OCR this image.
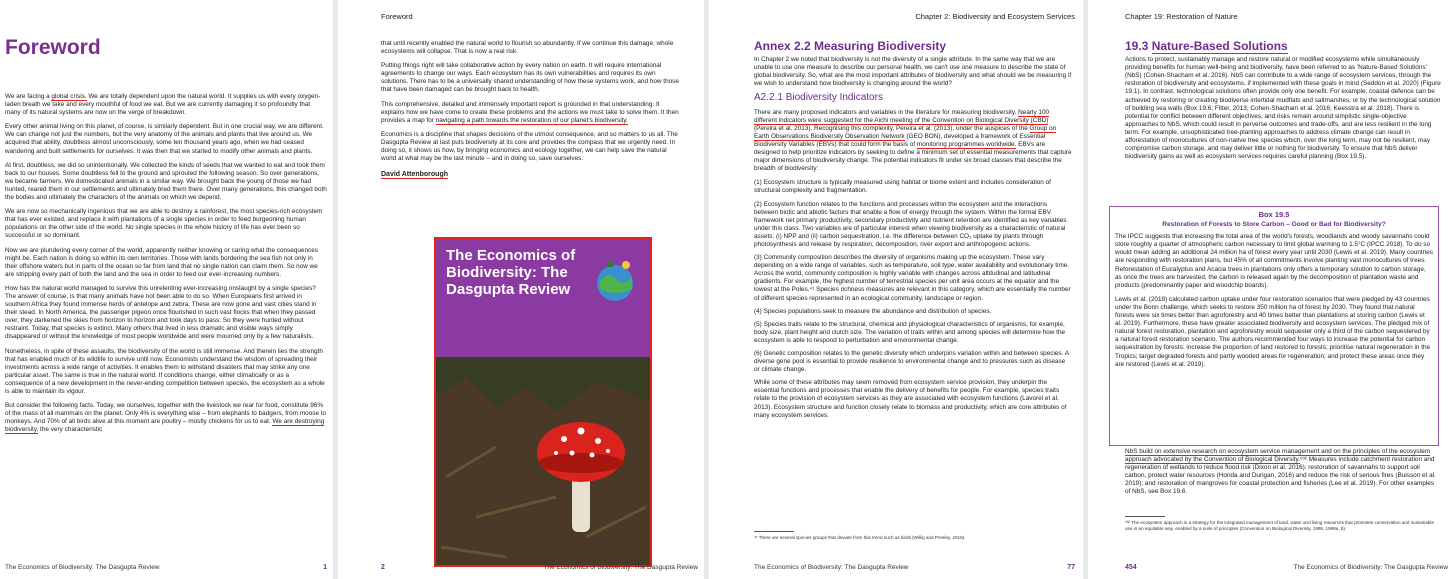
Foreword

We are facing a global crisis. We are totally dependent upon the natural world. It supplies us with every oxygen-laden breath we take and every mouthful of food we eat. But we are currently damaging it so profoundly that many of its natural systems are now on the verge of breakdown.

Every other animal living on this planet, of course, is similarly dependent. But in one crucial way, we are different. We can change not just the numbers, but the very anatomy of the animals and plants that live around us. We acquired that ability, doubtless almost unconsciously, some ten thousand years ago, when we had ceased wandering and built settlements for ourselves. It was then that we started to modify other animals and plants.

At first, doubtless, we did so unintentionally. We collected the kinds of seeds that we wanted to eat and took them back to our houses. Some doubtless fell to the ground and sprouted the following season. So over generations, we became farmers. We domesticated animals in a similar way. We brought back the young of those we had hunted, reared them in our settlements and ultimately bred them there. Over many generations, this changed both the bodies and ultimately the characters of the animals on which we depend.

We are now so mechanically ingenious that we are able to destroy a rainforest, the most species-rich ecosystem that has ever existed, and replace it with plantations of a single species in order to feed burgeoning human populations on the other side of the world. No single species in the whole history of life has ever been so successful or so dominant.

Now we are plundering every corner of the world, apparently neither knowing or caring what the consequences might be. Each nation is doing so within its own territories. Those with lands bordering the sea fish not only in their offshore waters but in parts of the ocean so far from land that no single nation can claim them. So now we are stripping every part of both the land and the sea in order to feed our ever-increasing numbers.

How has the natural world managed to survive this unrelenting ever-increasing onslaught by a single species? The answer of course, is that many animals have not been able to do so. When Europeans first arrived in southern Africa they found immense herds of antelope and zebra. These are now gone and vast cities stand in their stead. In North America, the passenger pigeon once flourished in such vast flocks that when they passed over, they darkened the skies from horizon to horizon and took days to pass. So they were hunted without restraint. Today, that species is extinct. Many others that lived in less dramatic and visible ways simply disappeared or without the knowledge of most people worldwide and were mourned only by a few naturalists.

Nonetheless, in spite of these assaults, the biodiversity of the world is still immense. And therein lies the strength that has enabled much of its wildlife to survive until now. Economists understand the wisdom of spreading their investments across a wide range of activities. It enables them to withstand disasters that may strike any one particular asset. The same is true in the natural world. If conditions change, either climatically or as a consequence of a new development in the never-ending competition between species, the ecosystem as a whole is able to maintain its vigour.

But consider the following facts. Today, we ourselves, together with the livestock we rear for food, constitute 96% of the mass of all mammals on the planet. Only 4% is everything else – from elephants to badgers, from moose to monkeys. And 70% of all birds alive at this moment are poultry – mostly chickens for us to eat. We are destroying biodiversity, the very characteristic

The Economics of Biodiversity: The Dasgupta Review	1
Foreword

that until recently enabled the natural world to flourish so abundantly. If we continue this damage, whole ecosystems will collapse. That is now a real risk.

Putting things right will take collaborative action by every nation on earth. It will require international agreements to change our ways. Each ecosystem has its own vulnerabilities and requires its own solutions. There has to be a universally shared understanding of how these systems work, and how those that have been damaged can be brought back to health.

This comprehensive, detailed and immensely important report is grounded in that understanding. It explains how we have come to create these problems and the actions we must take to solve them. It then provides a map for navigating a path towards the restoration of our planet's biodiversity.

Economics is a discipline that shapes decisions of the utmost consequence, and so matters to us all. The Dasgupta Review at last puts biodiversity at its core and provides the compass that we urgently need. In doing so, it shows us how, by bringing economics and ecology together, we can help save the natural world at what may be the last minute – and in doing so, save ourselves.

David Attenborough

The Economics of Biodiversity: The Dasgupta Review
2	The Economics of Biodiversity: The Dasgupta Review
Chapter 2: Biodiversity and Ecosystem Services

Annex 2.2 Measuring Biodiversity

In Chapter 2 we noted that biodiversity is not the diversity of a single attribute. In the same way that we are unable to use one measure to describe our personal health, we can't use one measure to describe the state of global biodiversity. So, what are the most important attributes of biodiversity and what should we be measuring if we wish to understand how biodiversity is changing around the world?

A2.2.1 Biodiversity Indicators

There are many proposed indicators and variables in the literature for measuring biodiversity. Nearly 100 different indicators were suggested for the Aichi meeting of the Convention on Biological Diversity (CBD) (Pereira et al. 2013). Recognising this complexity, Pereira et al. (2013), under the auspices of the Group on Earth Observations Biodiversity Observation Network (GEO BON), developed a framework of Essential Biodiversity Variables (EBVs) that could form the basis of monitoring programmes worldwide. EBVs are designed to help prioritize indicators by seeking to define a minimum set of essential measurements that capture major dimensions of biodiversity change. The potential indicators fit under six broad classes that describe the breadth of biodiversity:

(1) Ecosystem structure is typically measured using habitat or biome extent and includes consideration of structural complexity and fragmentation.

(2) Ecosystem function relates to the functions and processes within the ecosystem and the interactions between biotic and abiotic factors that enable a flow of energy through the system. Within the formal EBV framework net primary productivity, secondary productivity and nutrient retention are identified as key variables under this class. Two variables are of particular interest when viewing biodiversity as a characteristic of natural assets: (i) NPP and (ii) carbon sequestration, i.e. the difference between CO₂ uptake by plants through photosynthesis and release by respiration, decomposition, river export and anthropogenic actions.

(3) Community composition describes the diversity of organisms making up the ecosystem. These vary depending on a wide range of variables, such as temperature, soil type, water availability and evolutionary time. Across the world, community composition is highly variable with changes across altitudinal and latitudinal gradients. For example, the highest number of terrestrial species per unit area occurs at the equator and the lowest at the Poles.⁴¹ Species richness measures are relevant in this category, which are essentially the number of different species represented in an ecological community, landscape or region.

(4) Species populations seek to measure the abundance and distribution of species.

(5) Species traits relate to the structural, chemical and physiological characteristics of organisms, for example, body size, plant height and clutch size. The variation of traits within and among species will determine how the ecosystem is able to respond to perturbation and environmental change.

(6) Genetic composition relates to the genetic diversity which underpins variation within and between species. A diverse gene pool is essential to provide resilience to environmental change and to pressures such as disease or climate change.

While some of these attributes may seem removed from ecosystem service provision, they underpin the essential functions and processes that enable the delivery of benefits for people. For example, species traits relate to the provision of ecosystem services as they are associated with ecosystem functions (Lavorel et al. 2013). Ecosystem structure and function closely relate to biomass and productivity, which are core attributes of many ecosystem services.

⁴¹ There are several species groups that deviate from this trend such as birds (Willig and Presley, 2018).
The Economics of Biodiversity: The Dasgupta Review	77
Chapter 19: Restoration of Nature

19.3 Nature-Based Solutions

Actions to protect, sustainably manage and restore natural or modified ecosystems while simultaneously providing benefits for human well-being and biodiversity, have been referred to as 'Nature-Based Solutions' (NbS) (Cohen-Shacham et al. 2016). NbS can contribute to a wide range of ecosystem services, through the restoration of biodiversity and ecosystems, if implemented with these goals in mind (Seddon et al. 2020) (Figure 19.1). In contrast, technological solutions often provide only one benefit. For example, coastal defence can be achieved by restoring or creating biodiverse intertidal mudflats and saltmarshes, or by the technological solution of building sea walls (Box 19.6; Fitter, 2013; Cohen-Shacham et al. 2016; Keesstra et al. 2018). There is potential for conflict between different objectives, and risks remain around simplistic single-objective approaches to NbS, which could result in perverse outcomes and trade-offs, and are less resilient in the long term. For example, unsophisticated tree-planting approaches to address climate change can result in afforestation of monocultures of non-native tree species which, over the long term, may not be resilient, may compromise carbon storage, and may deliver little or nothing for biodiversity. To ensure that NbS deliver biodiversity gains as well as ecosystem services requires careful planning (Box 19.5).

Box 19.5

Restoration of Forests to Store Carbon – Good or Bad for Biodiversity?

The IPCC suggests that increasing the total area of the world's forests, woodlands and woody savannahs could store roughly a quarter of atmospheric carbon necessary to limit global warming to 1.5°C (IPCC 2018). To do so would mean adding an additional 24 million ha of forest every year until 2030 (Lewis et al. 2019). Many countries are responding with restoration plans, but 45% of all commitments involve planting vast monocultures of trees. Reforestation of Eucalyptus and Acacia trees in plantations only offers a temporary solution to carbon storage, as once the trees are harvested, the carbon is released again by the decomposition of plantation waste and products (predominantly paper and woodchip boards).

Lewis et al. (2019) calculated carbon uptake under four restoration scenarios that were pledged by 43 countries under the Bonn challenge, which seeks to restore 350 million ha of forest by 2030. They found that natural forests were six times better than agroforestry and 40 times better than plantations at storing carbon (Lewis et al. 2019). Furthermore, these have greater associated biodiversity and ecosystem services. The pledged mix of natural forest restoration, plantation and agroforestry would sequester only a third of the carbon sequestered by a natural forest restoration scenario. The authors recommended four ways to increase the potential for carbon sequestration by forests: increase the proportion of land restored to forests; prioritise natural regeneration in the Tropics; target degraded forests and partly wooded areas for regeneration; and protect these areas once they are restored (Lewis et al. 2019).

NbS build on extensive research on ecosystem service management and on the principles of the ecosystem approach advocated by the Convention of Biological Diversity.⁵³² Measures include catchment restoration and regeneration of wetlands to reduce flood risk (Dixon et al. 2016); restoration of savannahs to support soil carbon, protect water resources (Honda and Durigan, 2016) and reduce the risk of serious fires (Buisson et al. 2019); and restoration of mangroves for coastal protection and fisheries (Lee et al. 2019). For other examples of NbS, see Box 19.6.

⁵³² The ecosystem approach is a strategy for the integrated management of land, water and living resources that promotes conservation and sustainable use in an equitable way, enabled by a suite of principles (Convention on Biological Diversity, 1995, 1998a, b).
454	The Economics of Biodiversity: The Dasgupta Review
